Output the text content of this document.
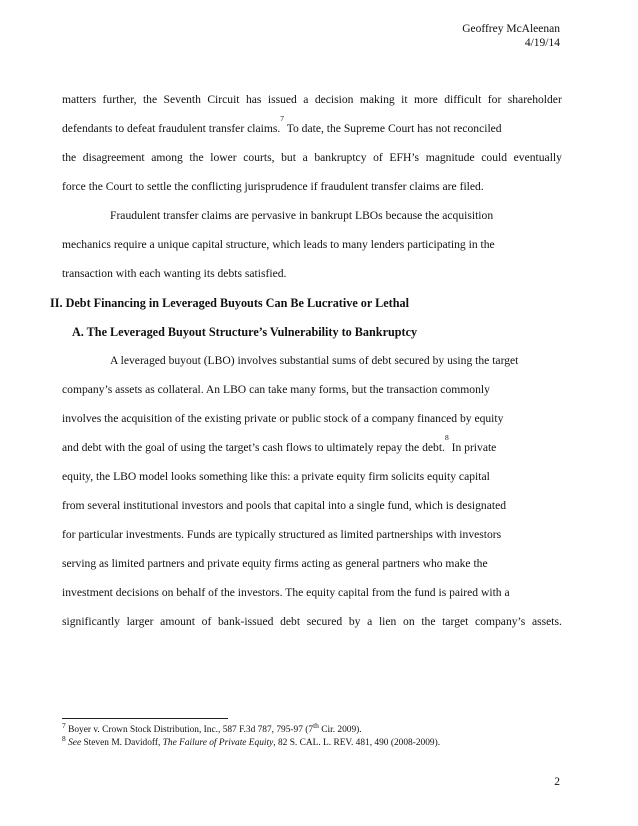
Geoffrey McAleenan
4/19/14
matters further, the Seventh Circuit has issued a decision making it more difficult for shareholder
defendants to defeat fraudulent transfer claims.
7
To date, the Supreme Court has not reconciled
the disagreement among the lower courts, but a bankruptcy of EFH’s magnitude could eventually
force the Court to settle the conflicting jurisprudence if fraudulent transfer claims are filed.
Fraudulent transfer claims are pervasive in bankrupt LBOs because the acquisition
mechanics require a unique capital structure, which leads to many lenders participating in the
transaction with each wanting its debts satisfied.
II. Debt Financing in Leveraged Buyouts Can Be Lucrative or Lethal
A. The Leveraged Buyout Structure’s Vulnerability to Bankruptcy
A leveraged buyout (LBO) involves substantial sums of debt secured by using the target
company’s assets as collateral. An LBO can take many forms, but the transaction commonly
involves the acquisition of the existing private or public stock of a company financed by equity
and debt with the goal of using the target’s cash flows to ultimately repay the debt.
8
In private
equity, the LBO model looks something like this: a private equity firm solicits equity capital
from several institutional investors and pools that capital into a single fund, which is designated
for particular investments. Funds are typically structured as limited partnerships with investors
serving as limited partners and private equity firms acting as general partners who make the
investment decisions on behalf of the investors. The equity capital from the fund is paired with a
significantly larger amount of bank-issued debt secured by a lien on the target company’s assets.
$^7$ Boyer v. Crown Stock Distribution, Inc., 587 F.3d 787, 795-97 (7th Cir. 2009).
$^8$ See Steven M. Davidoff, The Failure of Private Equity, 82 S. CAL. L. REV. 481, 490 (2008-2009).
2
